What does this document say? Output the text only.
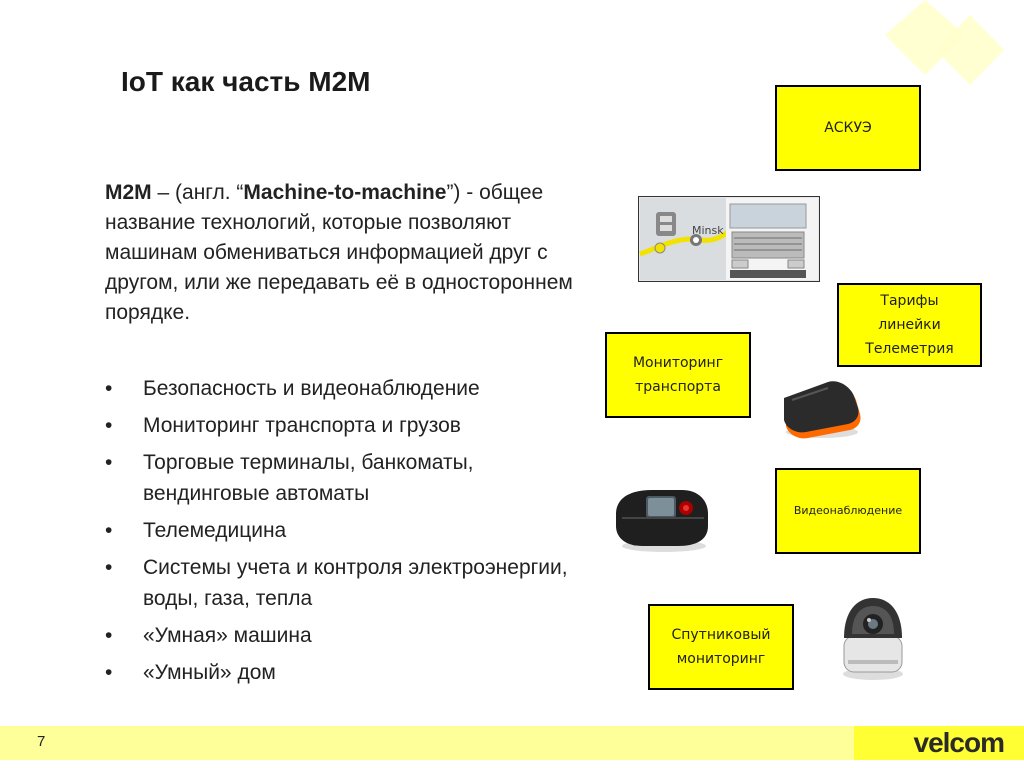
IoT как часть M2M
M2M – (англ. “Machine-to-machine”) - общее название технологий, которые позволяют машинам обмениваться информацией друг с другом, или же передавать её в одностороннем порядке.
• Безопасность и видеонаблюдение
• Мониторинг транспорта и грузов
• Торговые терминалы, банкоматы, вендинговые автоматы
• Телемедицина
• Системы учета и контроля электроэнергии, воды, газа, тепла
• «Умная» машина
• «Умный» дом
АСКУЭ
Тарифы
линейки
Телеметрия
Мониторинг
транспорта
Видеонаблюдение
Спутниковый
мониторинг
Minsk
7	velcom
